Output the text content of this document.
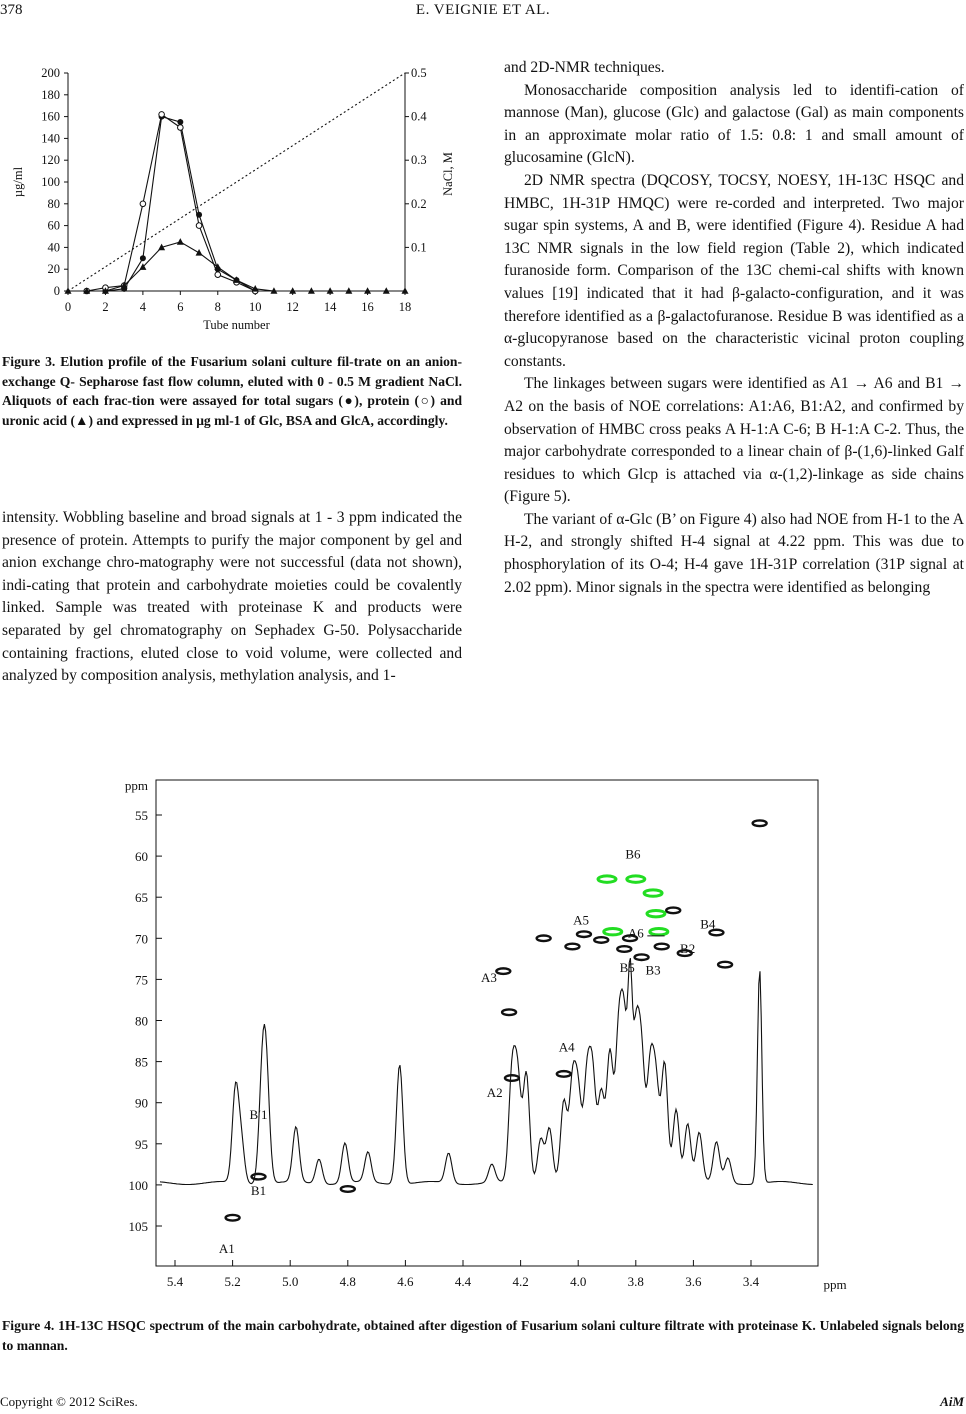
378	E. VEIGNIE ET AL.
0
20
40
60
80
100
120
140
160
180
200
0.1
0.2
0.3
0.4
0.5
0 2 4 6 8 10 12 14 16 18
Tube number
µg/ml	NaCl, M
Figure 3. Elution profile of the Fusarium solani culture fil-trate on an anion-exchange Q- Sepharose fast flow column, eluted with 0 - 0.5 M gradient NaCl. Aliquots of each frac-tion were assayed for total sugars (●), protein (○) and uronic acid (▲) and expressed in μg ml-1 of Glc, BSA and GlcA, accordingly.

intensity. Wobbling baseline and broad signals at 1 - 3 ppm indicated the presence of protein. Attempts to purify the major component by gel and anion exchange chro-matography were not successful (data not shown), indi-cating that protein and carbohydrate moieties could be covalently linked. Sample was treated with proteinase K and products were separated by gel chromatography on Sephadex G-50. Polysaccharide containing fractions, eluted close to void volume, were collected and analyzed by composition analysis, methylation analysis, and 1-

and 2D-NMR techniques.

Monosaccharide composition analysis led to identifi-cation of mannose (Man), glucose (Glc) and galactose (Gal) as main components in an approximate molar ratio of 1.5: 0.8: 1 and small amount of glucosamine (GlcN).

2D NMR spectra (DQCOSY, TOCSY, NOESY, 1H-13C HSQC and HMBC, 1H-31P HMQC) were re-corded and interpreted. Two major sugar spin systems, A and B, were identified (Figure 4). Residue A had 13C NMR signals in the low field region (Table 2), which indicated furanoside form. Comparison of the 13C chemi-cal shifts with known values [19] indicated that it had β-galacto-configuration, and it was therefore identified as a β-galactofuranose. Residue B was identified as a α-glucopyranose based on the characteristic vicinal proton coupling constants.

The linkages between sugars were identified as A1 → A6 and B1 → A2 on the basis of NOE correlations: A1:A6, B1:A2, and confirmed by observation of HMBC cross peaks A H-1:A C-6; B H-1:A C-2. Thus, the major carbohydrate corresponded to a linear chain of β-(1,6)-linked Galf residues to which Glcp is attached via α-(1,2)-linkage as side chains (Figure 5).

The variant of α-Glc (B’ on Figure 4) also had NOE from H-1 to the A H-2, and strongly shifted H-4 signal at 4.22 ppm. This was due to phosphorylation of its O-4; H-4 gave 1H-31P correlation (31P signal at 2.02 ppm). Minor signals in the spectra were identified as belonging

55
60
65
70
75
80
85
90
95
100
105
ppm
5.4	5.2	5.0	4.8	4.6	4.4	4.2	4.0	3.8	3.6	3.4	ppm
B6
A5
A6
B4
B2
B5 B3
A3
A4
A2
B′1
B1
A1
Figure 4. 1H-13C HSQC spectrum of the main carbohydrate, obtained after digestion of Fusarium solani culture filtrate with proteinase K. Unlabeled signals belong to mannan.
Copyright © 2012 SciRes.	AiM
